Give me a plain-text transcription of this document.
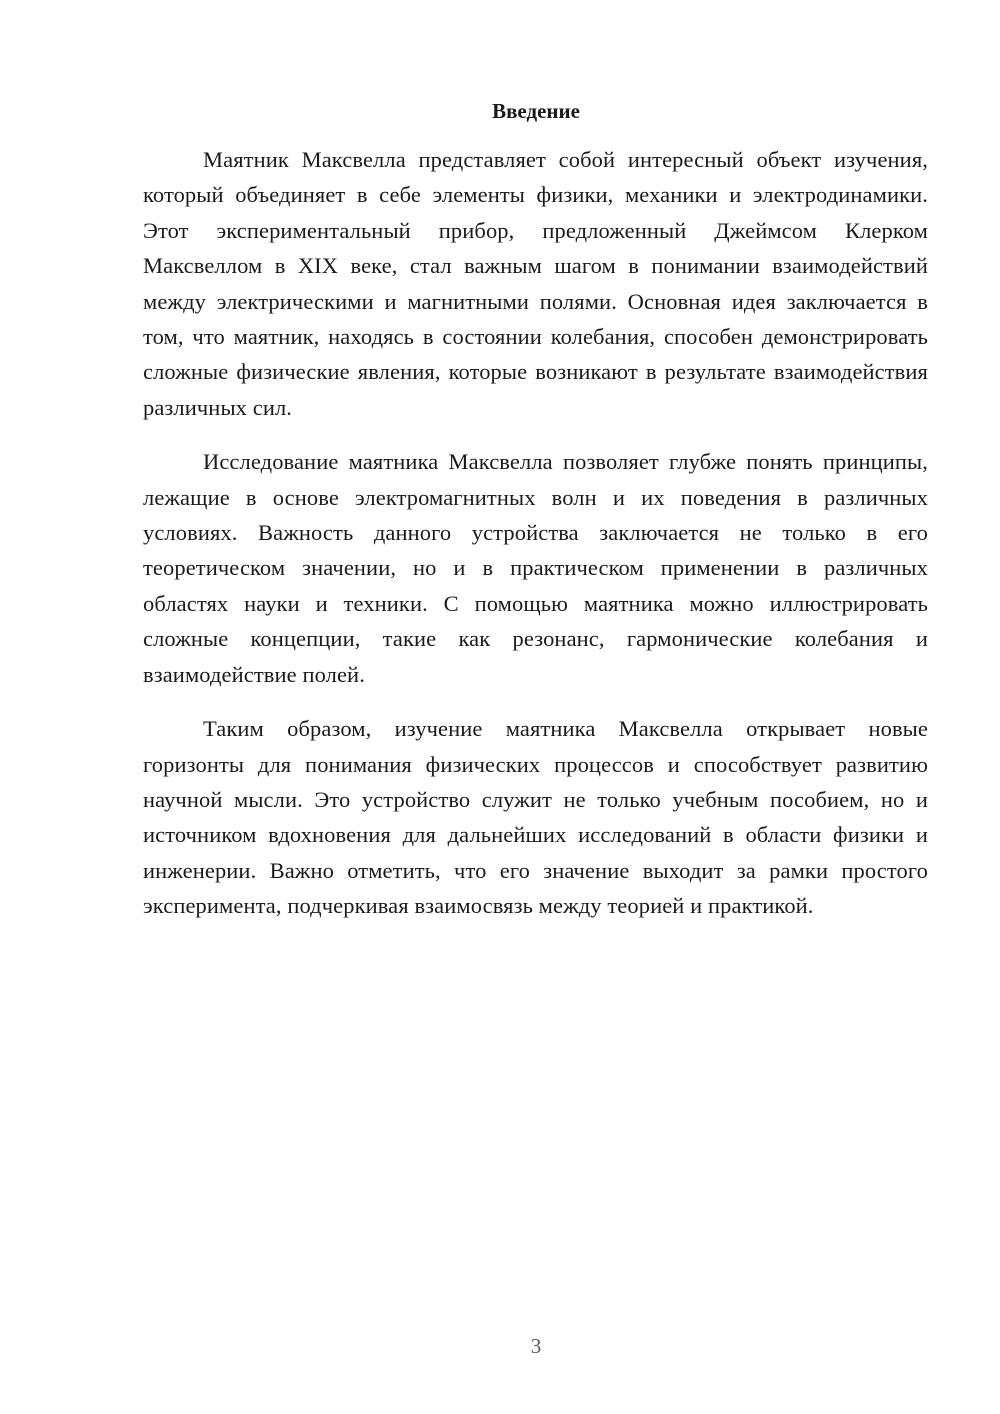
Введение

Маятник Максвелла представляет собой интересный объект изучения, который объединяет в себе элементы физики, механики и электродинамики. Этот экспериментальный прибор, предложенный Джеймсом Клерком Максвеллом в XIX веке, стал важным шагом в понимании взаимодействий между электрическими и магнитными полями. Основная идея заключается в том, что маятник, находясь в состоянии колебания, способен демонстрировать сложные физические явления, которые возникают в результате взаимодействия различных сил.

Исследование маятника Максвелла позволяет глубже понять принципы, лежащие в основе электромагнитных волн и их поведения в различных условиях. Важность данного устройства заключается не только в его теоретическом значении, но и в практическом применении в различных областях науки и техники. С помощью маятника можно иллюстрировать сложные концепции, такие как резонанс, гармонические колебания и взаимодействие полей.

Таким образом, изучение маятника Максвелла открывает новые горизонты для понимания физических процессов и способствует развитию научной мысли. Это устройство служит не только учебным пособием, но и источником вдохновения для дальнейших исследований в области физики и инженерии. Важно отметить, что его значение выходит за рамки простого эксперимента, подчеркивая взаимосвязь между теорией и практикой.

3
